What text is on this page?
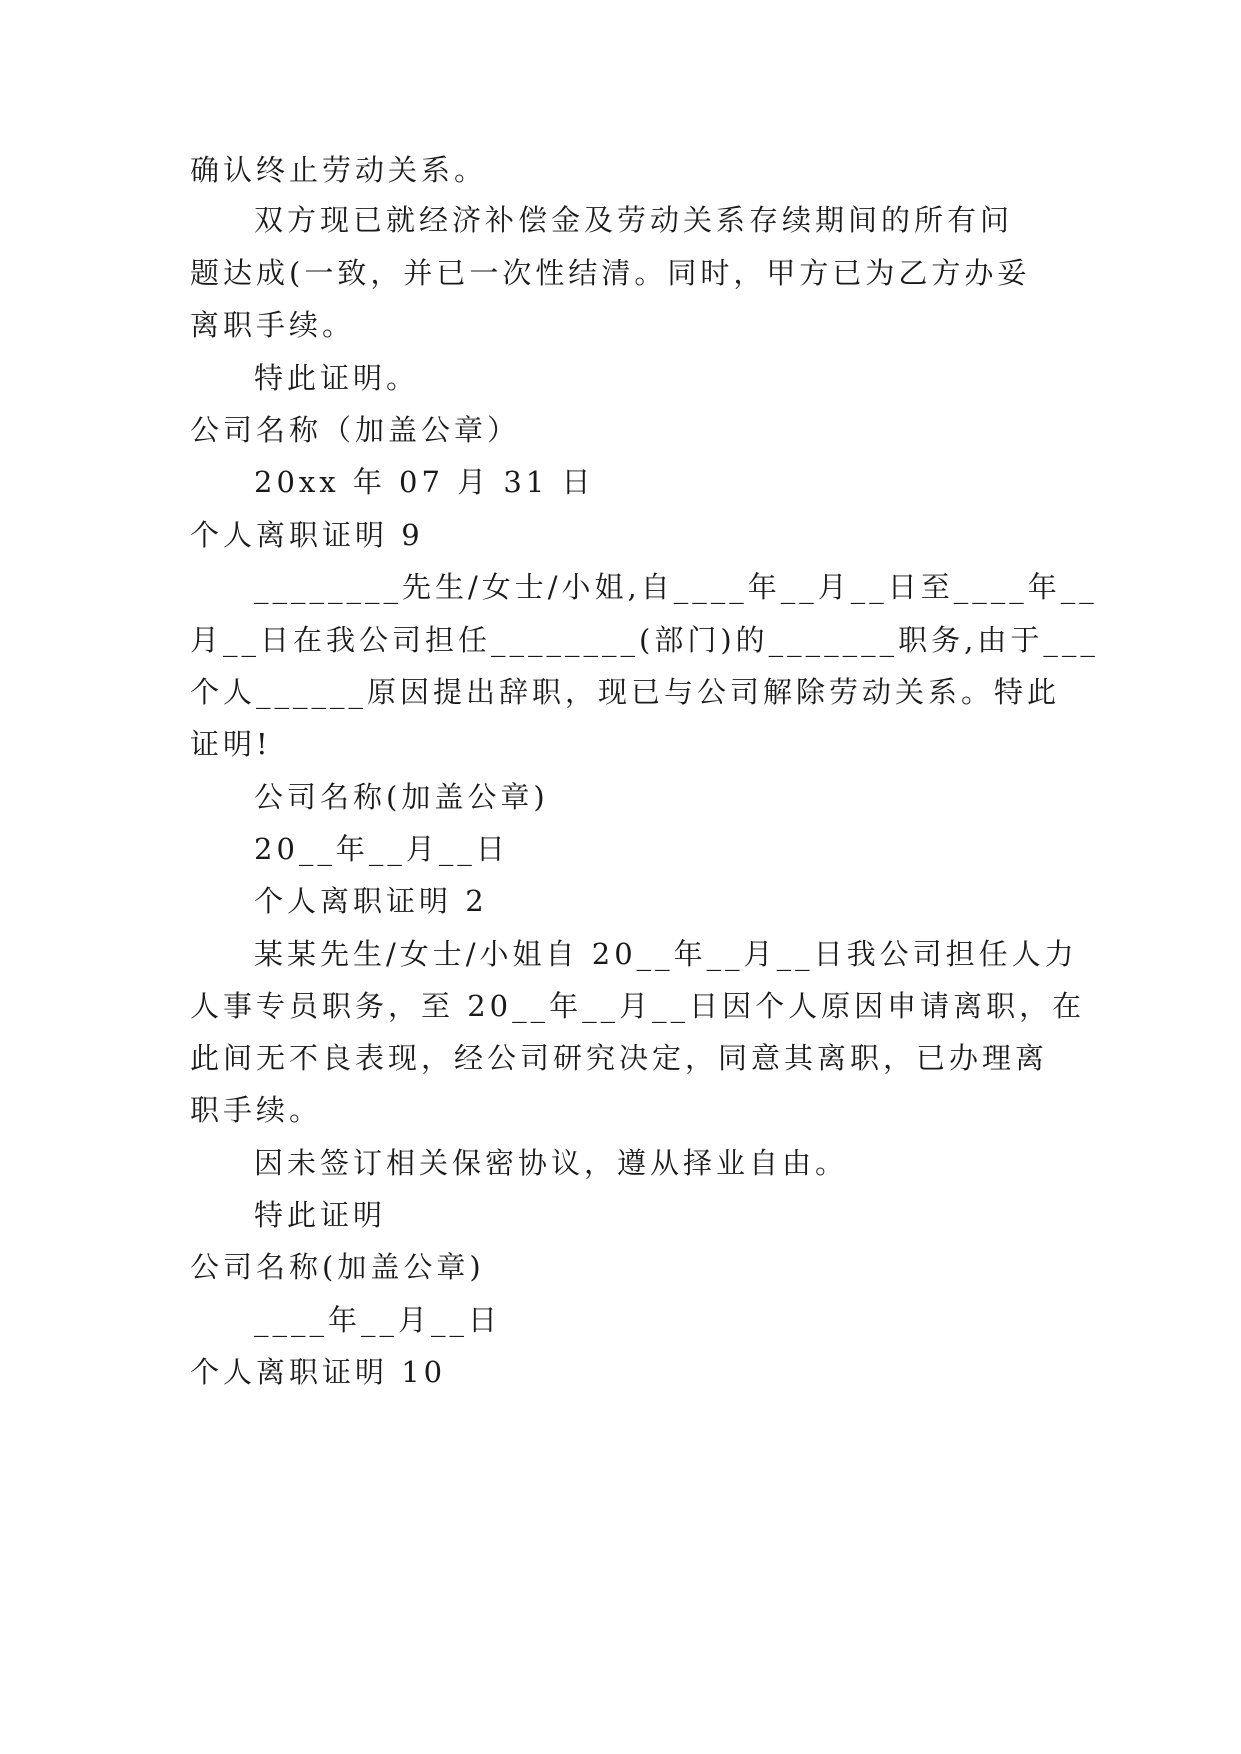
确认终止劳动关系。
双方现已就经济补偿金及劳动关系存续期间的所有问
题达成(一致，并已一次性结清。同时，甲方已为乙方办妥
离职手续。
特此证明。
公司名称（加盖公章）
20xx 年 07 月 31 日
个人离职证明 9
________先生/女士/小姐,自____年__月__日至____年__
月__日在我公司担任________(部门)的_______职务,由于___
个人______原因提出辞职，现已与公司解除劳动关系。特此
证明!
公司名称(加盖公章)
20__年__月__日
个人离职证明 2
某某先生/女士/小姐自 20__年__月__日我公司担任人力
人事专员职务，至 20__年__月__日因个人原因申请离职，在
此间无不良表现，经公司研究决定，同意其离职，已办理离
职手续。
因未签订相关保密协议，遵从择业自由。
特此证明
公司名称(加盖公章)
____年__月__日
个人离职证明 10
